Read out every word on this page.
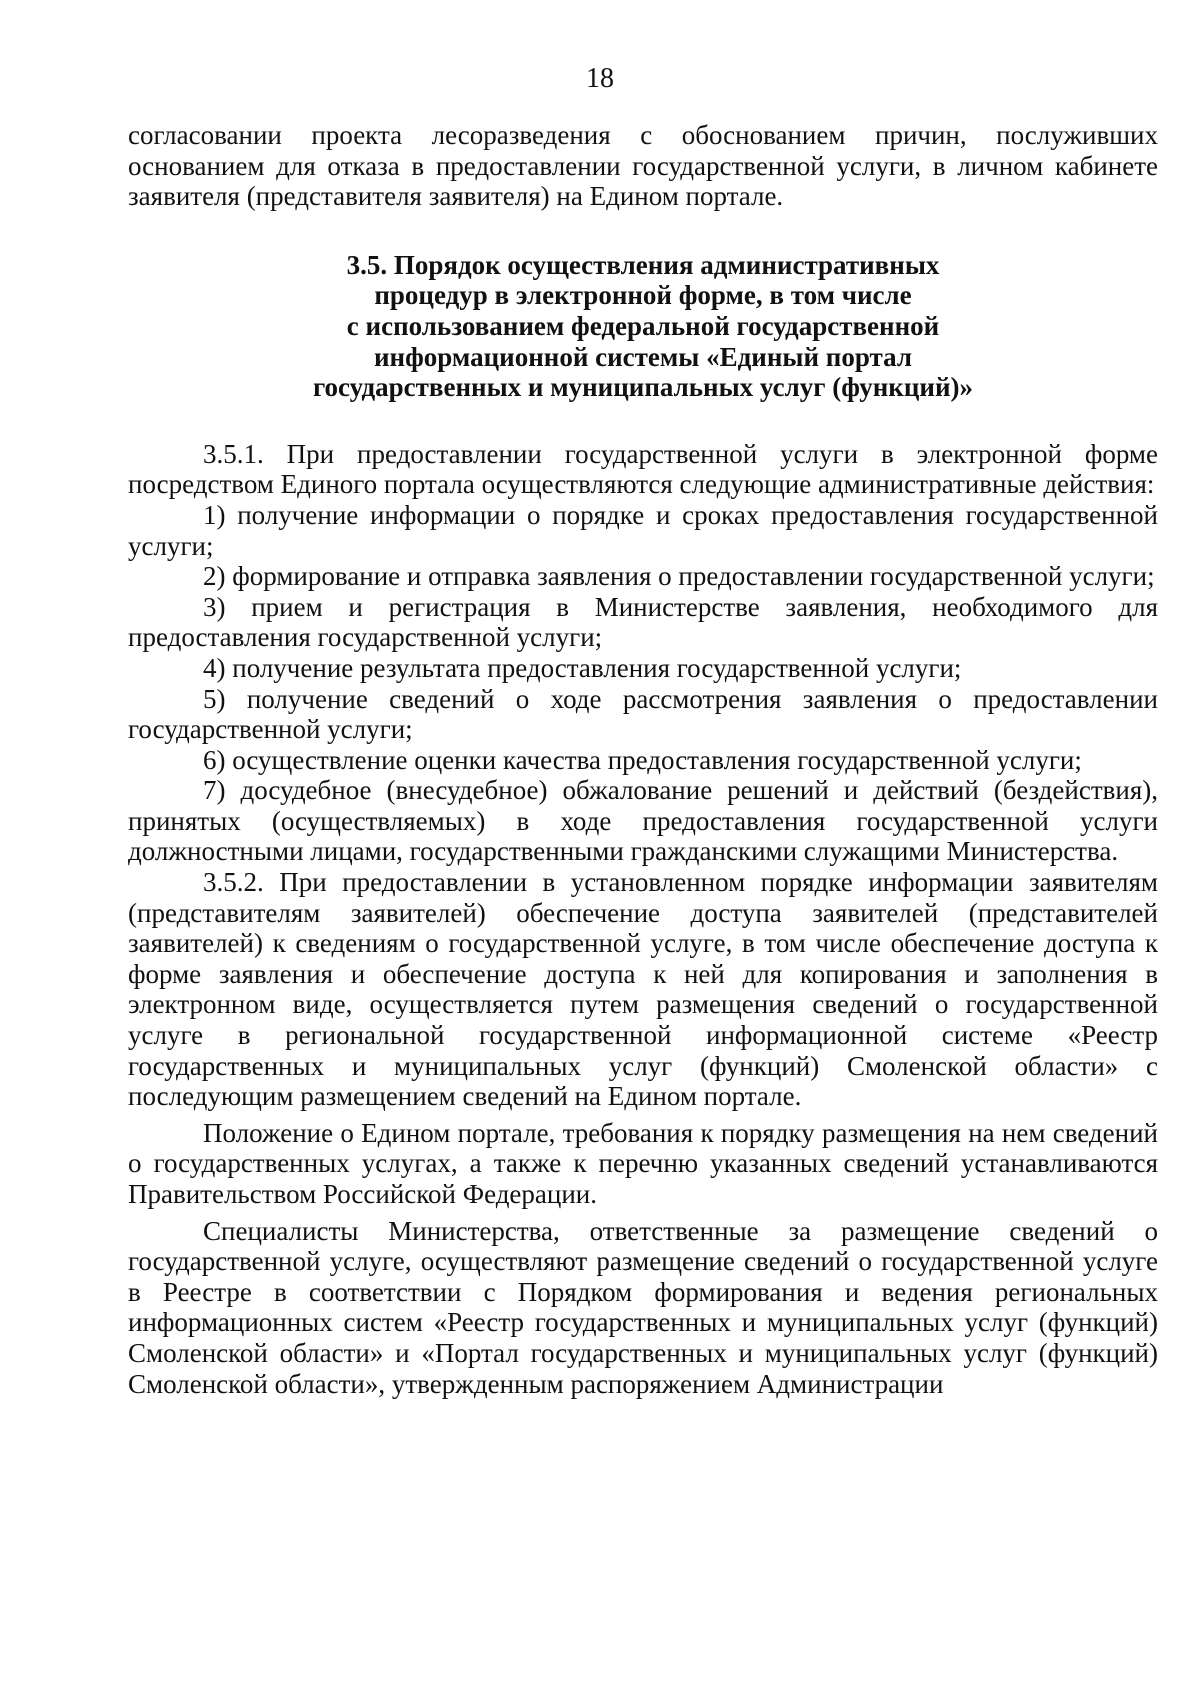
18

согласовании проекта лесоразведения с обоснованием причин, послуживших основанием для отказа в предоставлении государственной услуги, в личном кабинете заявителя (представителя заявителя) на Едином портале.

3.5. Порядок осуществления административных
процедур в электронной форме, в том числе
с использованием федеральной государственной
информационной системы «Единый портал
государственных и муниципальных услуг (функций)»

3.5.1. При предоставлении государственной услуги в электронной форме посредством Единого портала осуществляются следующие административные действия:

1) получение информации о порядке и сроках предоставления государственной услуги;

2) формирование и отправка заявления о предоставлении государственной услуги;

3) прием и регистрация в Министерстве заявления, необходимого для предоставления государственной услуги;

4) получение результата предоставления государственной услуги;

5) получение сведений о ходе рассмотрения заявления о предоставлении государственной услуги;

6) осуществление оценки качества предоставления государственной услуги;

7) досудебное (внесудебное) обжалование решений и действий (бездействия), принятых (осуществляемых) в ходе предоставления государственной услуги должностными лицами, государственными гражданскими служащими Министерства.

3.5.2. При предоставлении в установленном порядке информации заявителям (представителям заявителей) обеспечение доступа заявителей (представителей заявителей) к сведениям о государственной услуге, в том числе обеспечение доступа к форме заявления и обеспечение доступа к ней для копирования и заполнения в электронном виде, осуществляется путем размещения сведений о государственной услуге в региональной государственной информационной системе «Реестр государственных и муниципальных услуг (функций) Смоленской области» с последующим размещением сведений на Едином портале.

Положение о Едином портале, требования к порядку размещения на нем сведений о государственных услугах, а также к перечню указанных сведений устанавливаются Правительством Российской Федерации.

Специалисты Министерства, ответственные за размещение сведений о государственной услуге, осуществляют размещение сведений о государственной услуге в Реестре в соответствии с Порядком формирования и ведения региональных информационных систем «Реестр государственных и муниципальных услуг (функций) Смоленской области» и «Портал государственных и муниципальных услуг (функций) Смоленской области», утвержденным распоряжением Администрации
